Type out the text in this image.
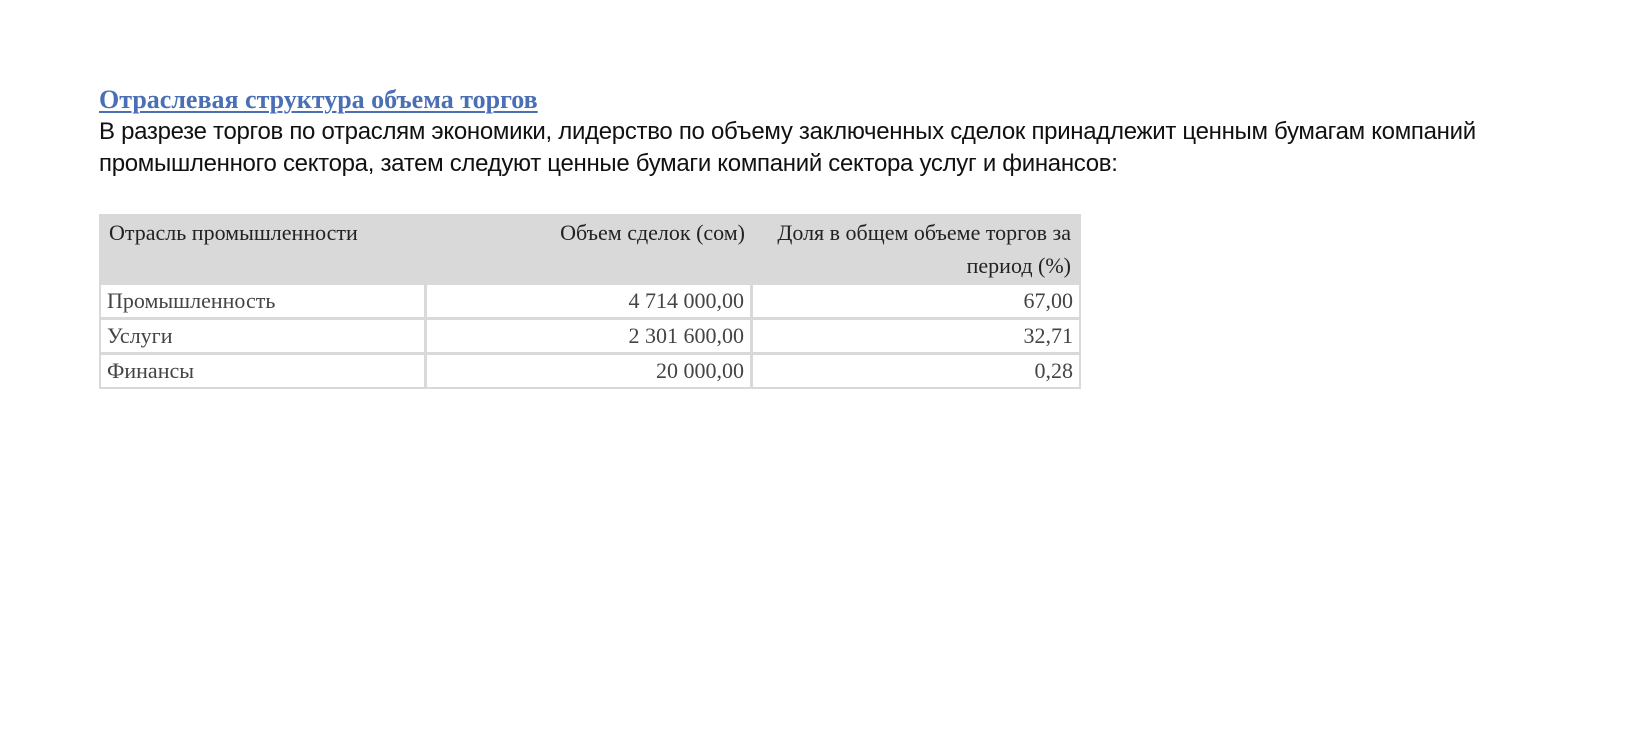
Отраслевая структура объема торгов

В разрезе торгов по отраслям экономики, лидерство по объему заключенных сделок принадлежит ценным бумагам компаний промышленного сектора, затем следуют ценные бумаги компаний сектора услуг и финансов:

Отрасль промышленности	Объем сделок (сом)	Доля в общем объеме торгов за период (%)
Промышленность	4 714 000,00	67,00
Услуги	2 301 600,00	32,71
Финансы	20 000,00	0,28
